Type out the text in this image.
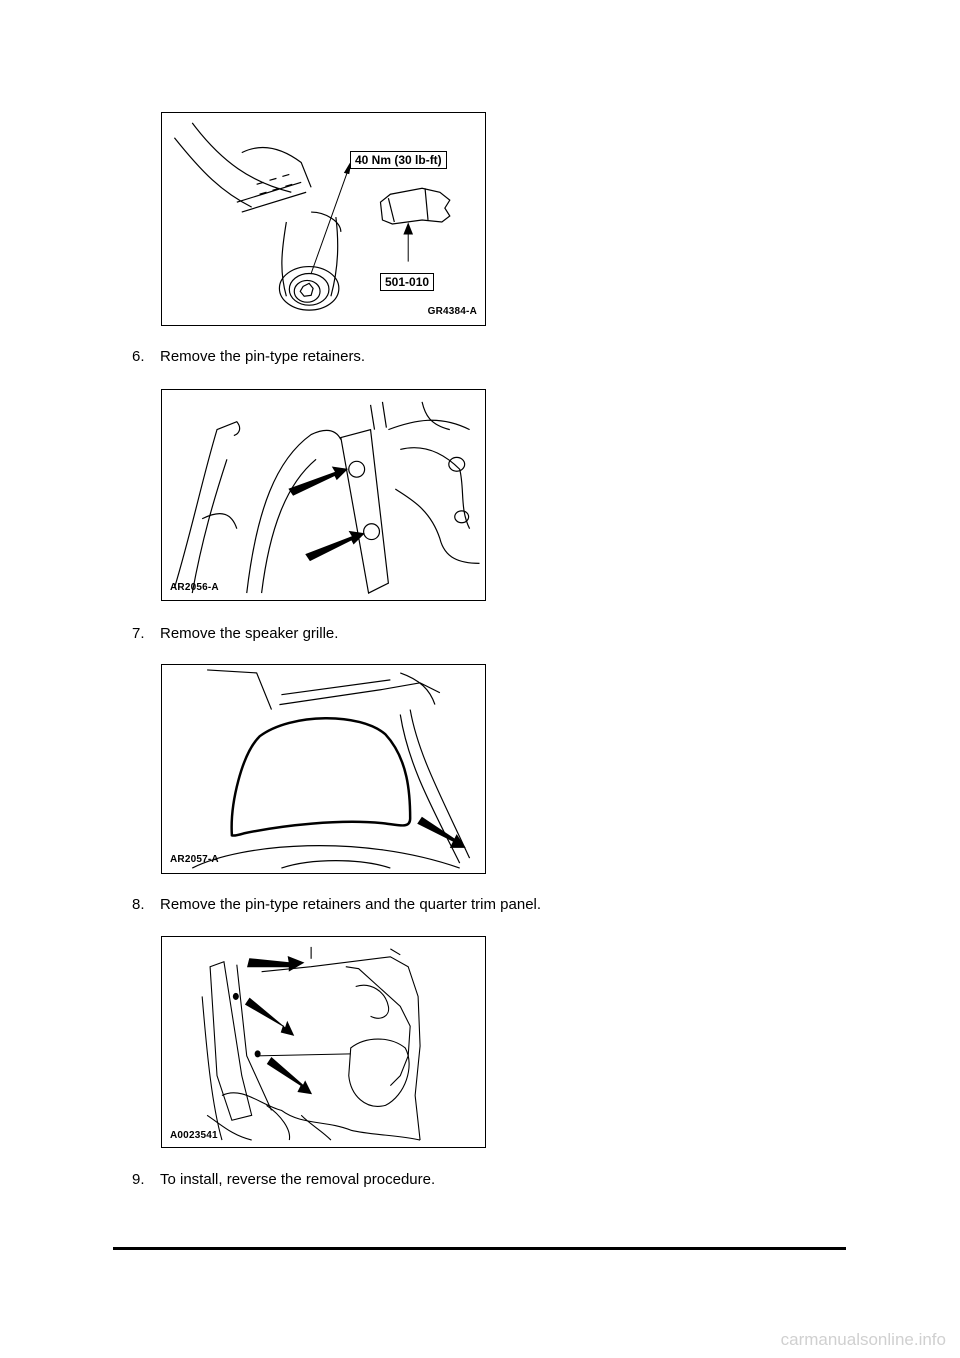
40 Nm (30 lb-ft)
501-010
GR4384-A
6. Remove the pin-type retainers.
AR2056-A
7. Remove the speaker grille.
AR2057-A
8. Remove the pin-type retainers and the quarter trim panel.
A0023541
9. To install, reverse the removal procedure.
carmanualsonline.info
